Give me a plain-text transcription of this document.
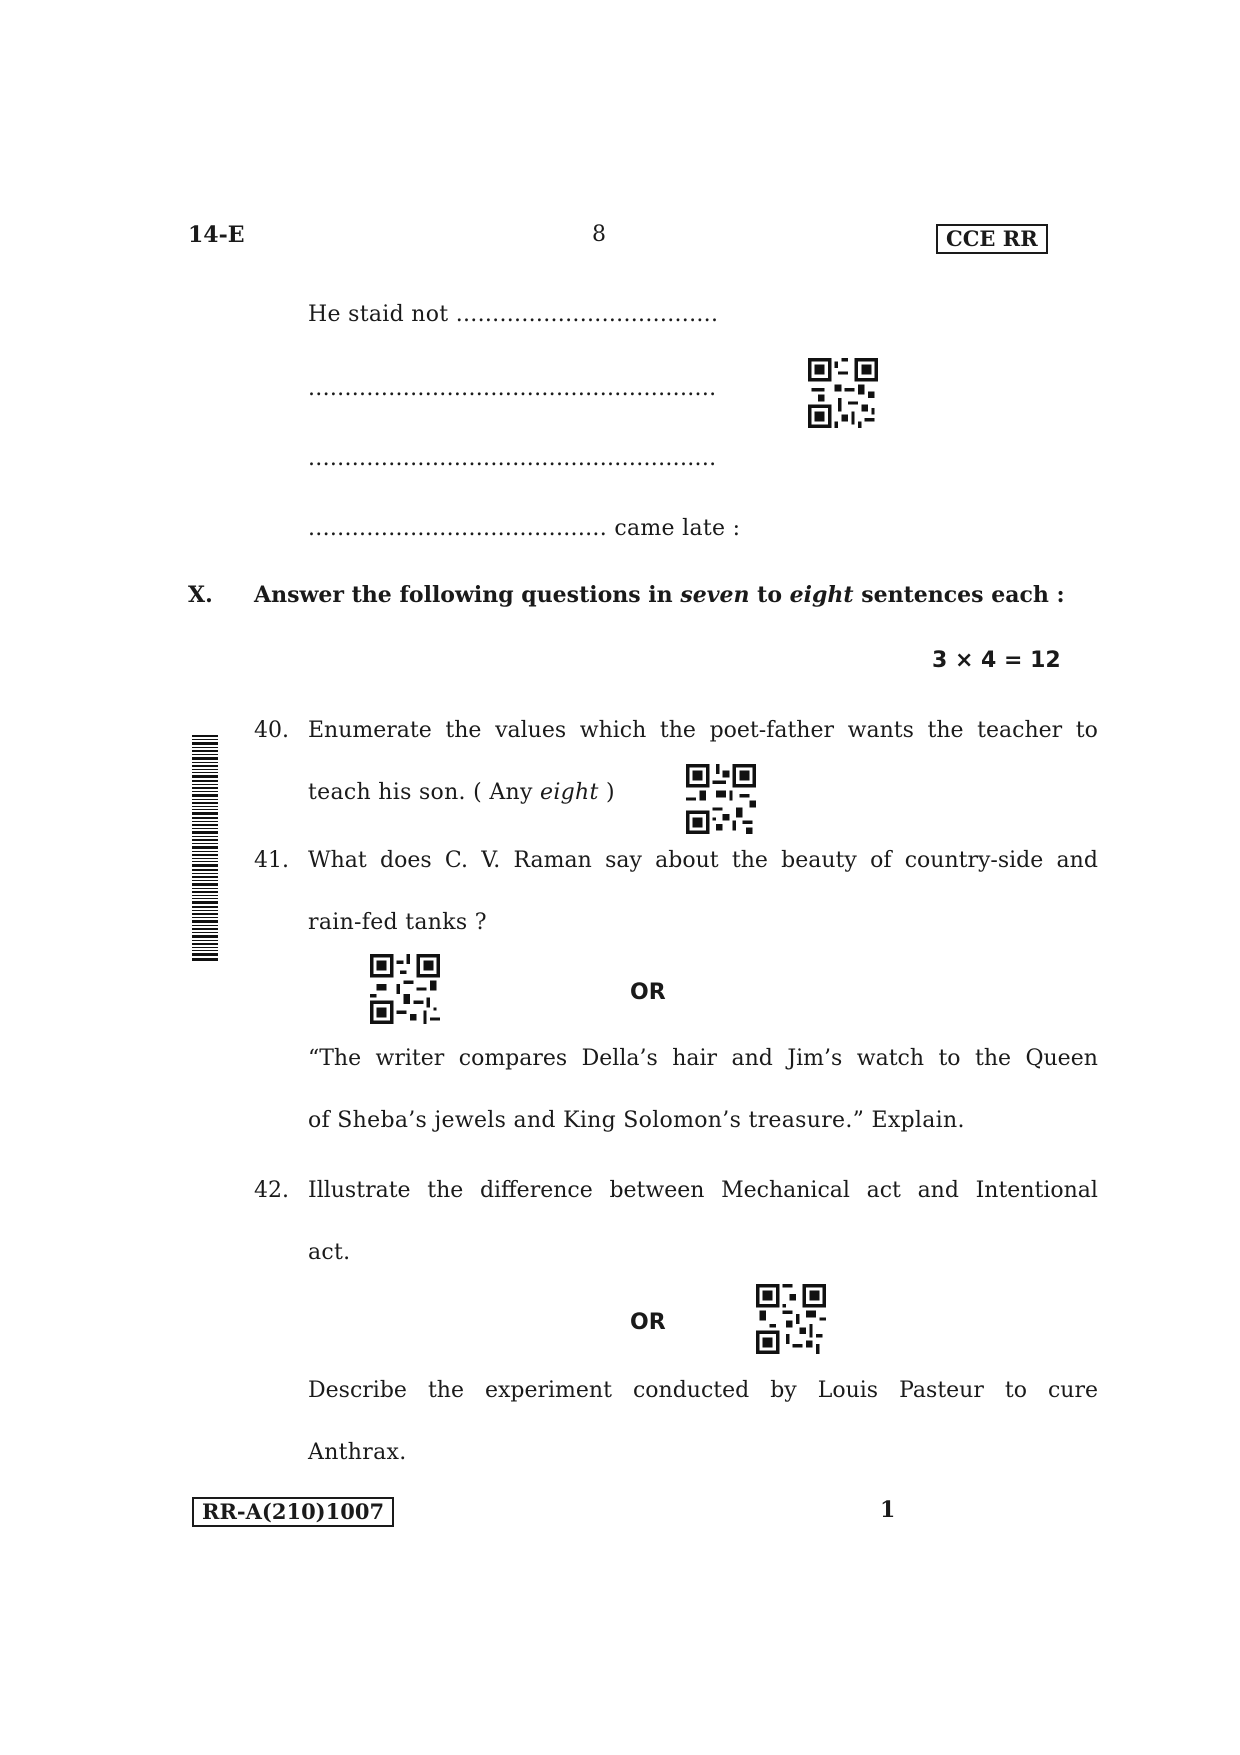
14-E	8	CCE RR
He staid not ....................................
........................................................
........................................................
......................................... came late :
X. Answer the following questions in seven to eight sentences each :
3 × 4 = 12
40. Enumerate the values which the poet-father wants the teacher to
teach his son. ( Any eight )
41. What does C. V. Raman say about the beauty of country-side and
rain-fed tanks ?
OR
“The writer compares Della’s hair and Jim’s watch to the Queen
of Sheba’s jewels and King Solomon’s treasure.” Explain.
42. Illustrate the difference between Mechanical act and Intentional
act.
OR
Describe the experiment conducted by Louis Pasteur to cure
Anthrax.
RR-A(210)1007	1
